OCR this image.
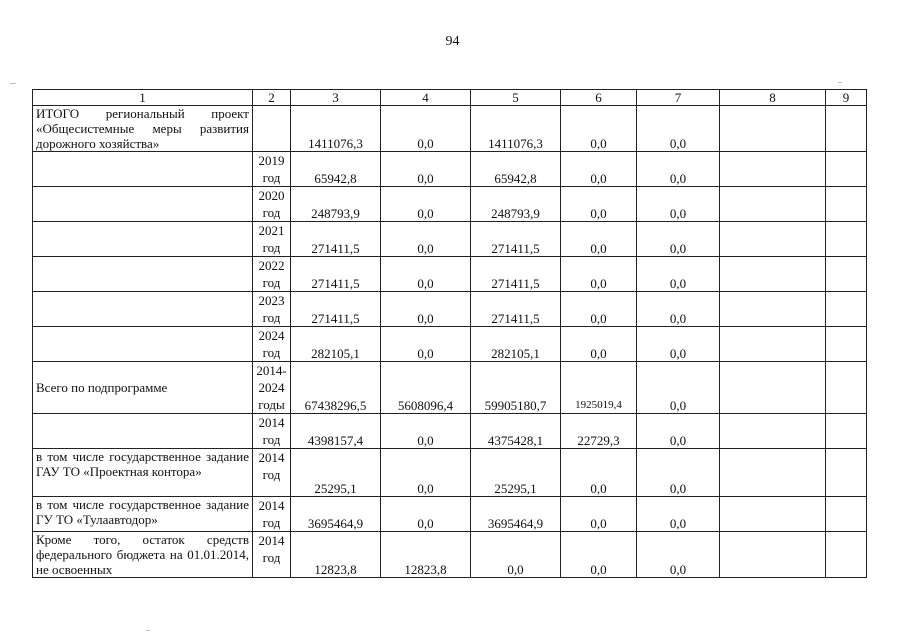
94
1	2	3	4	5	6	7	8	9
ИТОГО региональный проект «Общесистемные меры развития дорожного хозяйства»		1411076,3	0,0	1411076,3	0,0	0,0		
	2019 год	65942,8	0,0	65942,8	0,0	0,0		
	2020 год	248793,9	0,0	248793,9	0,0	0,0		
	2021 год	271411,5	0,0	271411,5	0,0	0,0		
	2022 год	271411,5	0,0	271411,5	0,0	0,0		
	2023 год	271411,5	0,0	271411,5	0,0	0,0		
	2024 год	282105,1	0,0	282105,1	0,0	0,0		
Всего по подпрограмме	2014-2024 годы	67438296,5	5608096,4	59905180,7	1925019,4	0,0		
	2014 год	4398157,4	0,0	4375428,1	22729,3	0,0		
в том числе государственное задание ГАУ ТО «Проектная контора»	2014 год	25295,1	0,0	25295,1	0,0	0,0		
в том числе государственное задание ГУ ТО «Тулаавтодор»	2014 год	3695464,9	0,0	3695464,9	0,0	0,0		
Кроме того, остаток средств федерального бюджета на 01.01.2014, не освоенных	2014 год	12823,8	12823,8	0,0	0,0	0,0		
